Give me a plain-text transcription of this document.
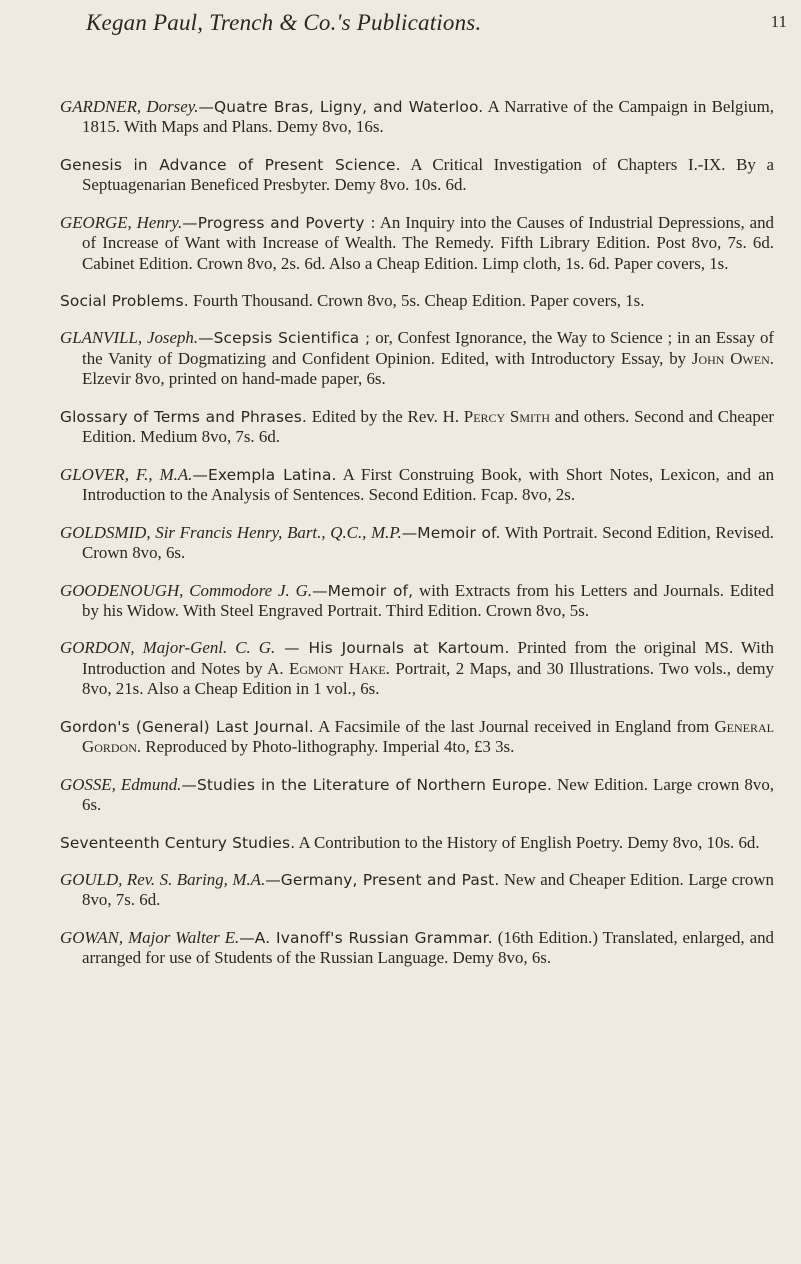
Kegan Paul, Trench & Co.'s Publications.	11

GARDNER, Dorsey.—Quatre Bras, Ligny, and Waterloo. A Narrative of the Campaign in Belgium, 1815. With Maps and Plans. Demy 8vo, 16s.

Genesis in Advance of Present Science. A Critical Investigation of Chapters I.-IX. By a Septuagenarian Beneficed Presbyter. Demy 8vo. 10s. 6d.

GEORGE, Henry.—Progress and Poverty : An Inquiry into the Causes of Industrial Depressions, and of Increase of Want with Increase of Wealth. The Remedy. Fifth Library Edition. Post 8vo, 7s. 6d. Cabinet Edition. Crown 8vo, 2s. 6d. Also a Cheap Edition. Limp cloth, 1s. 6d. Paper covers, 1s.

Social Problems. Fourth Thousand. Crown 8vo, 5s. Cheap Edition. Paper covers, 1s.

GLANVILL, Joseph.—Scepsis Scientifica ; or, Confest Ignorance, the Way to Science ; in an Essay of the Vanity of Dogmatizing and Confident Opinion. Edited, with Introductory Essay, by John Owen. Elzevir 8vo, printed on hand-made paper, 6s.

Glossary of Terms and Phrases. Edited by the Rev. H. Percy Smith and others. Second and Cheaper Edition. Medium 8vo, 7s. 6d.

GLOVER, F., M.A.—Exempla Latina. A First Construing Book, with Short Notes, Lexicon, and an Introduction to the Analysis of Sentences. Second Edition. Fcap. 8vo, 2s.

GOLDSMID, Sir Francis Henry, Bart., Q.C., M.P.—Memoir of. With Portrait. Second Edition, Revised. Crown 8vo, 6s.

GOODENOUGH, Commodore J. G.—Memoir of, with Extracts from his Letters and Journals. Edited by his Widow. With Steel Engraved Portrait. Third Edition. Crown 8vo, 5s.

GORDON, Major-Genl. C. G. — His Journals at Kartoum. Printed from the original MS. With Introduction and Notes by A. Egmont Hake. Portrait, 2 Maps, and 30 Illustrations. Two vols., demy 8vo, 21s. Also a Cheap Edition in 1 vol., 6s.

Gordon's (General) Last Journal. A Facsimile of the last Journal received in England from General Gordon. Reproduced by Photo-lithography. Imperial 4to, £3 3s.

GOSSE, Edmund.—Studies in the Literature of Northern Europe. New Edition. Large crown 8vo, 6s.

Seventeenth Century Studies. A Contribution to the History of English Poetry. Demy 8vo, 10s. 6d.

GOULD, Rev. S. Baring, M.A.—Germany, Present and Past. New and Cheaper Edition. Large crown 8vo, 7s. 6d.

GOWAN, Major Walter E.—A. Ivanoff's Russian Grammar. (16th Edition.) Translated, enlarged, and arranged for use of Students of the Russian Language. Demy 8vo, 6s.
